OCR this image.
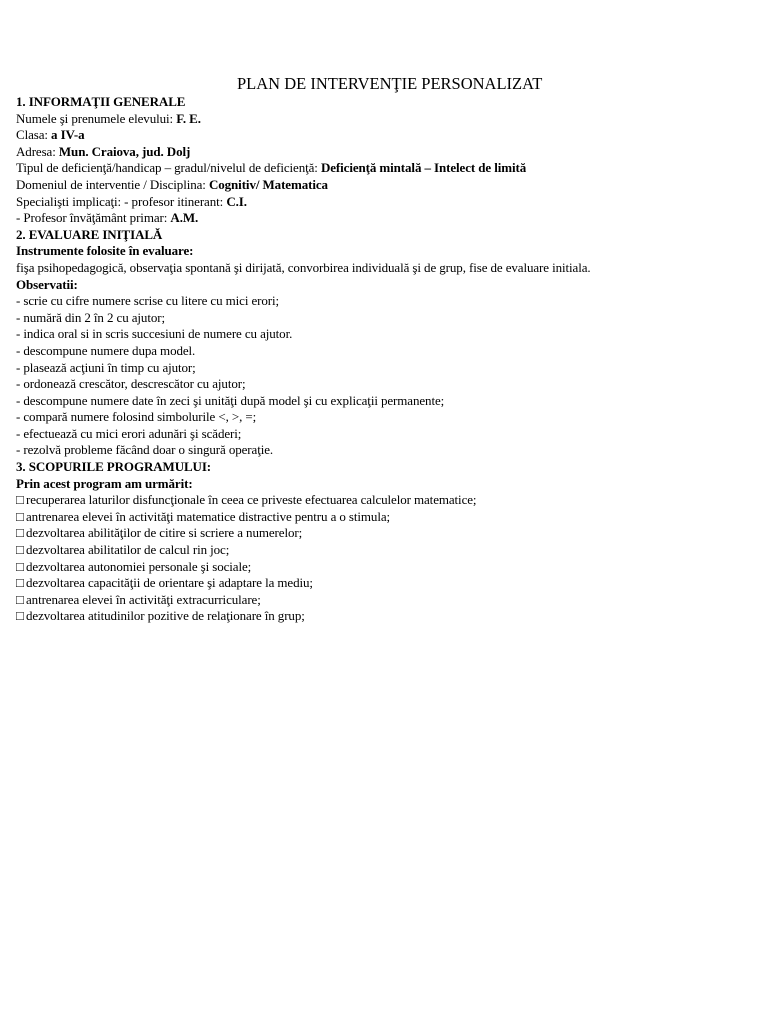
PLAN DE INTERVENŢIE PERSONALIZAT
1. INFORMAŢII GENERALE
Numele şi prenumele elevului: F. E.
Clasa: a IV-a
Adresa: Mun. Craiova, jud. Dolj
Tipul de deficienţă/handicap – gradul/nivelul de deficienţă: Deficienţă mintală – Intelect de limită
Domeniul de interventie / Disciplina: Cognitiv/ Matematica
Specialişti implicaţi: - profesor itinerant: C.I.
- Profesor învăţământ primar: A.M.
2. EVALUARE INIŢIALĂ
Instrumente folosite în evaluare:
fişa psihopedagogică, observaţia spontană şi dirijată, convorbirea individuală şi de grup, fise de evaluare initiala.
Observatii:
- scrie cu cifre numere scrise cu litere cu mici erori;
- numără din 2 în 2 cu ajutor;
- indica oral si in scris succesiuni de numere cu ajutor.
- descompune numere dupa model.
- plasează acţiuni în timp cu ajutor;
- ordonează crescător, descrescător cu ajutor;
- descompune numere date în zeci şi unităţi după model şi cu explicaţii permanente;
- compară numere folosind simbolurile <, >, =;
- efectuează cu mici erori adunări şi scăderi;
- rezolvă probleme făcând doar o singură operaţie.
3. SCOPURILE PROGRAMULUI:
Prin acest program am urmărit:
□ recuperarea laturilor disfuncţionale în ceea ce priveste efectuarea calculelor matematice;
□ antrenarea elevei în activităţi matematice distractive pentru a o stimula;
□ dezvoltarea abilităţilor de citire si scriere a numerelor;
□ dezvoltarea abilitatilor de calcul rin joc;
□ dezvoltarea autonomiei personale şi sociale;
□ dezvoltarea capacităţii de orientare şi adaptare la mediu;
□ antrenarea elevei în activităţi extracurriculare;
□ dezvoltarea atitudinilor pozitive de relaţionare în grup;
